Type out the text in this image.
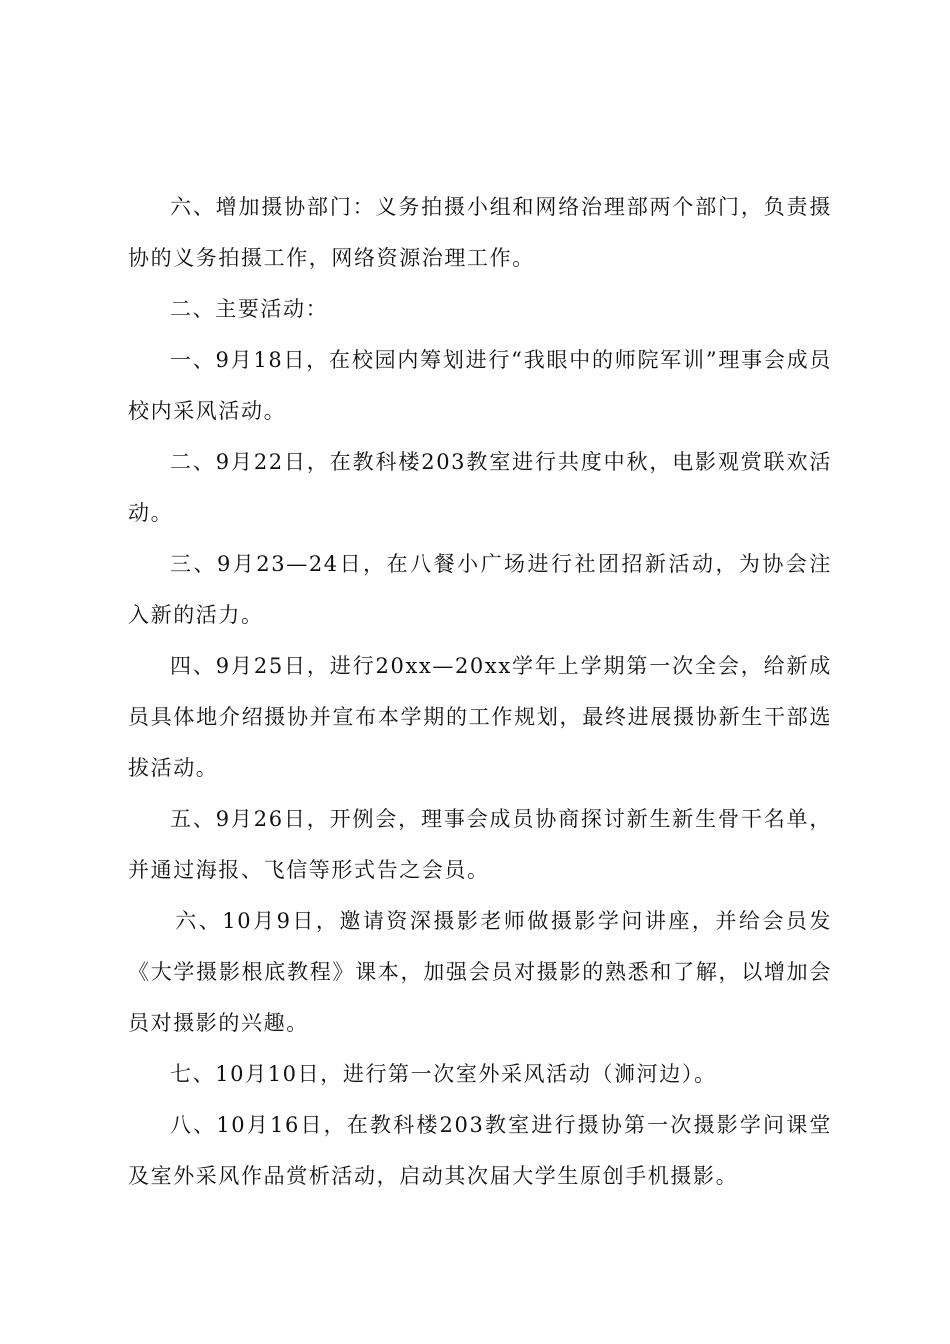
六、增加摄协部门：义务拍摄小组和网络治理部两个部门，负责摄协的义务拍摄工作，网络资源治理工作。

二、主要活动：

一、9月18日，在校园内筹划进行“我眼中的师院军训”理事会成员校内采风活动。

二、9月22日，在教科楼203教室进行共度中秋，电影观赏联欢活动。

三、9月23—24日，在八餐小广场进行社团招新活动，为协会注入新的活力。

四、9月25日，进行20xx—20xx学年上学期第一次全会，给新成员具体地介绍摄协并宣布本学期的工作规划，最终进展摄协新生干部选拔活动。

五、9月26日，开例会，理事会成员协商探讨新生新生骨干名单，并通过海报、飞信等形式告之会员。

六、10月9日，邀请资深摄影老师做摄影学问讲座，并给会员发《大学摄影根底教程》课本，加强会员对摄影的熟悉和了解，以增加会员对摄影的兴趣。

七、10月10日，进行第一次室外采风活动（浉河边）。

八、10月16日，在教科楼203教室进行摄协第一次摄影学问课堂及室外采风作品赏析活动，启动其次届大学生原创手机摄影。
